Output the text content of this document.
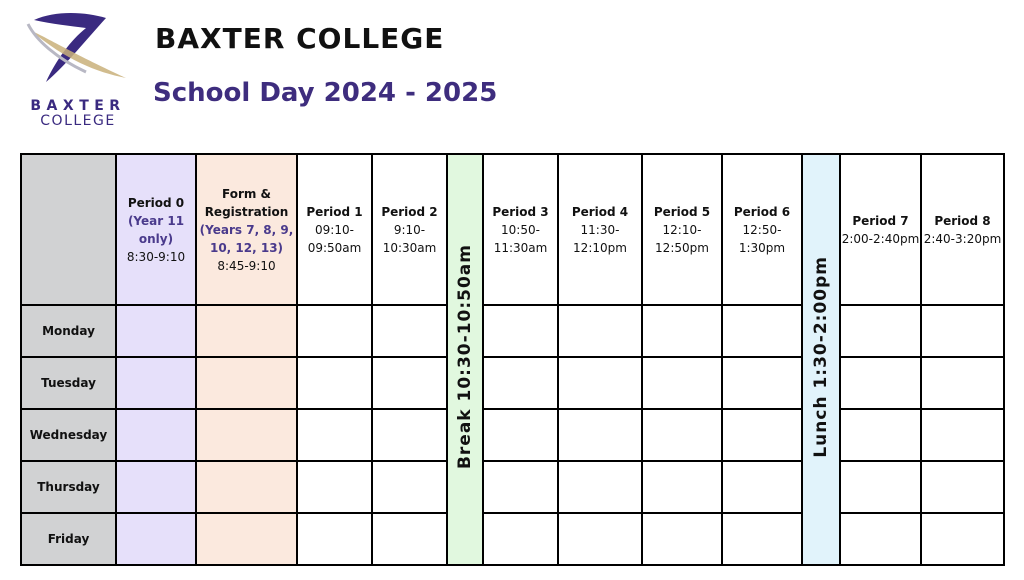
BAXTER
COLLEGE
BAXTER COLLEGE
School Day 2024 - 2025

	Period 0
(Year 11 only)
8:30-9:10	Form & Registration
(Years 7, 8, 9, 10, 12, 13)
8:45-9:10	Period 1
09:10-09:50am	Period 2
9:10-10:30am	Break 10:30-10:50am	Period 3
10:50-11:30am	Period 4
11:30-12:10pm	Period 5
12:10-12:50pm	Period 6
12:50-1:30pm	Lunch 1:30-2:00pm	Period 7
2:00-2:40pm	Period 8
2:40-3:20pm

Monday												
Tuesday												
Wednesday												
Thursday												
Friday												
